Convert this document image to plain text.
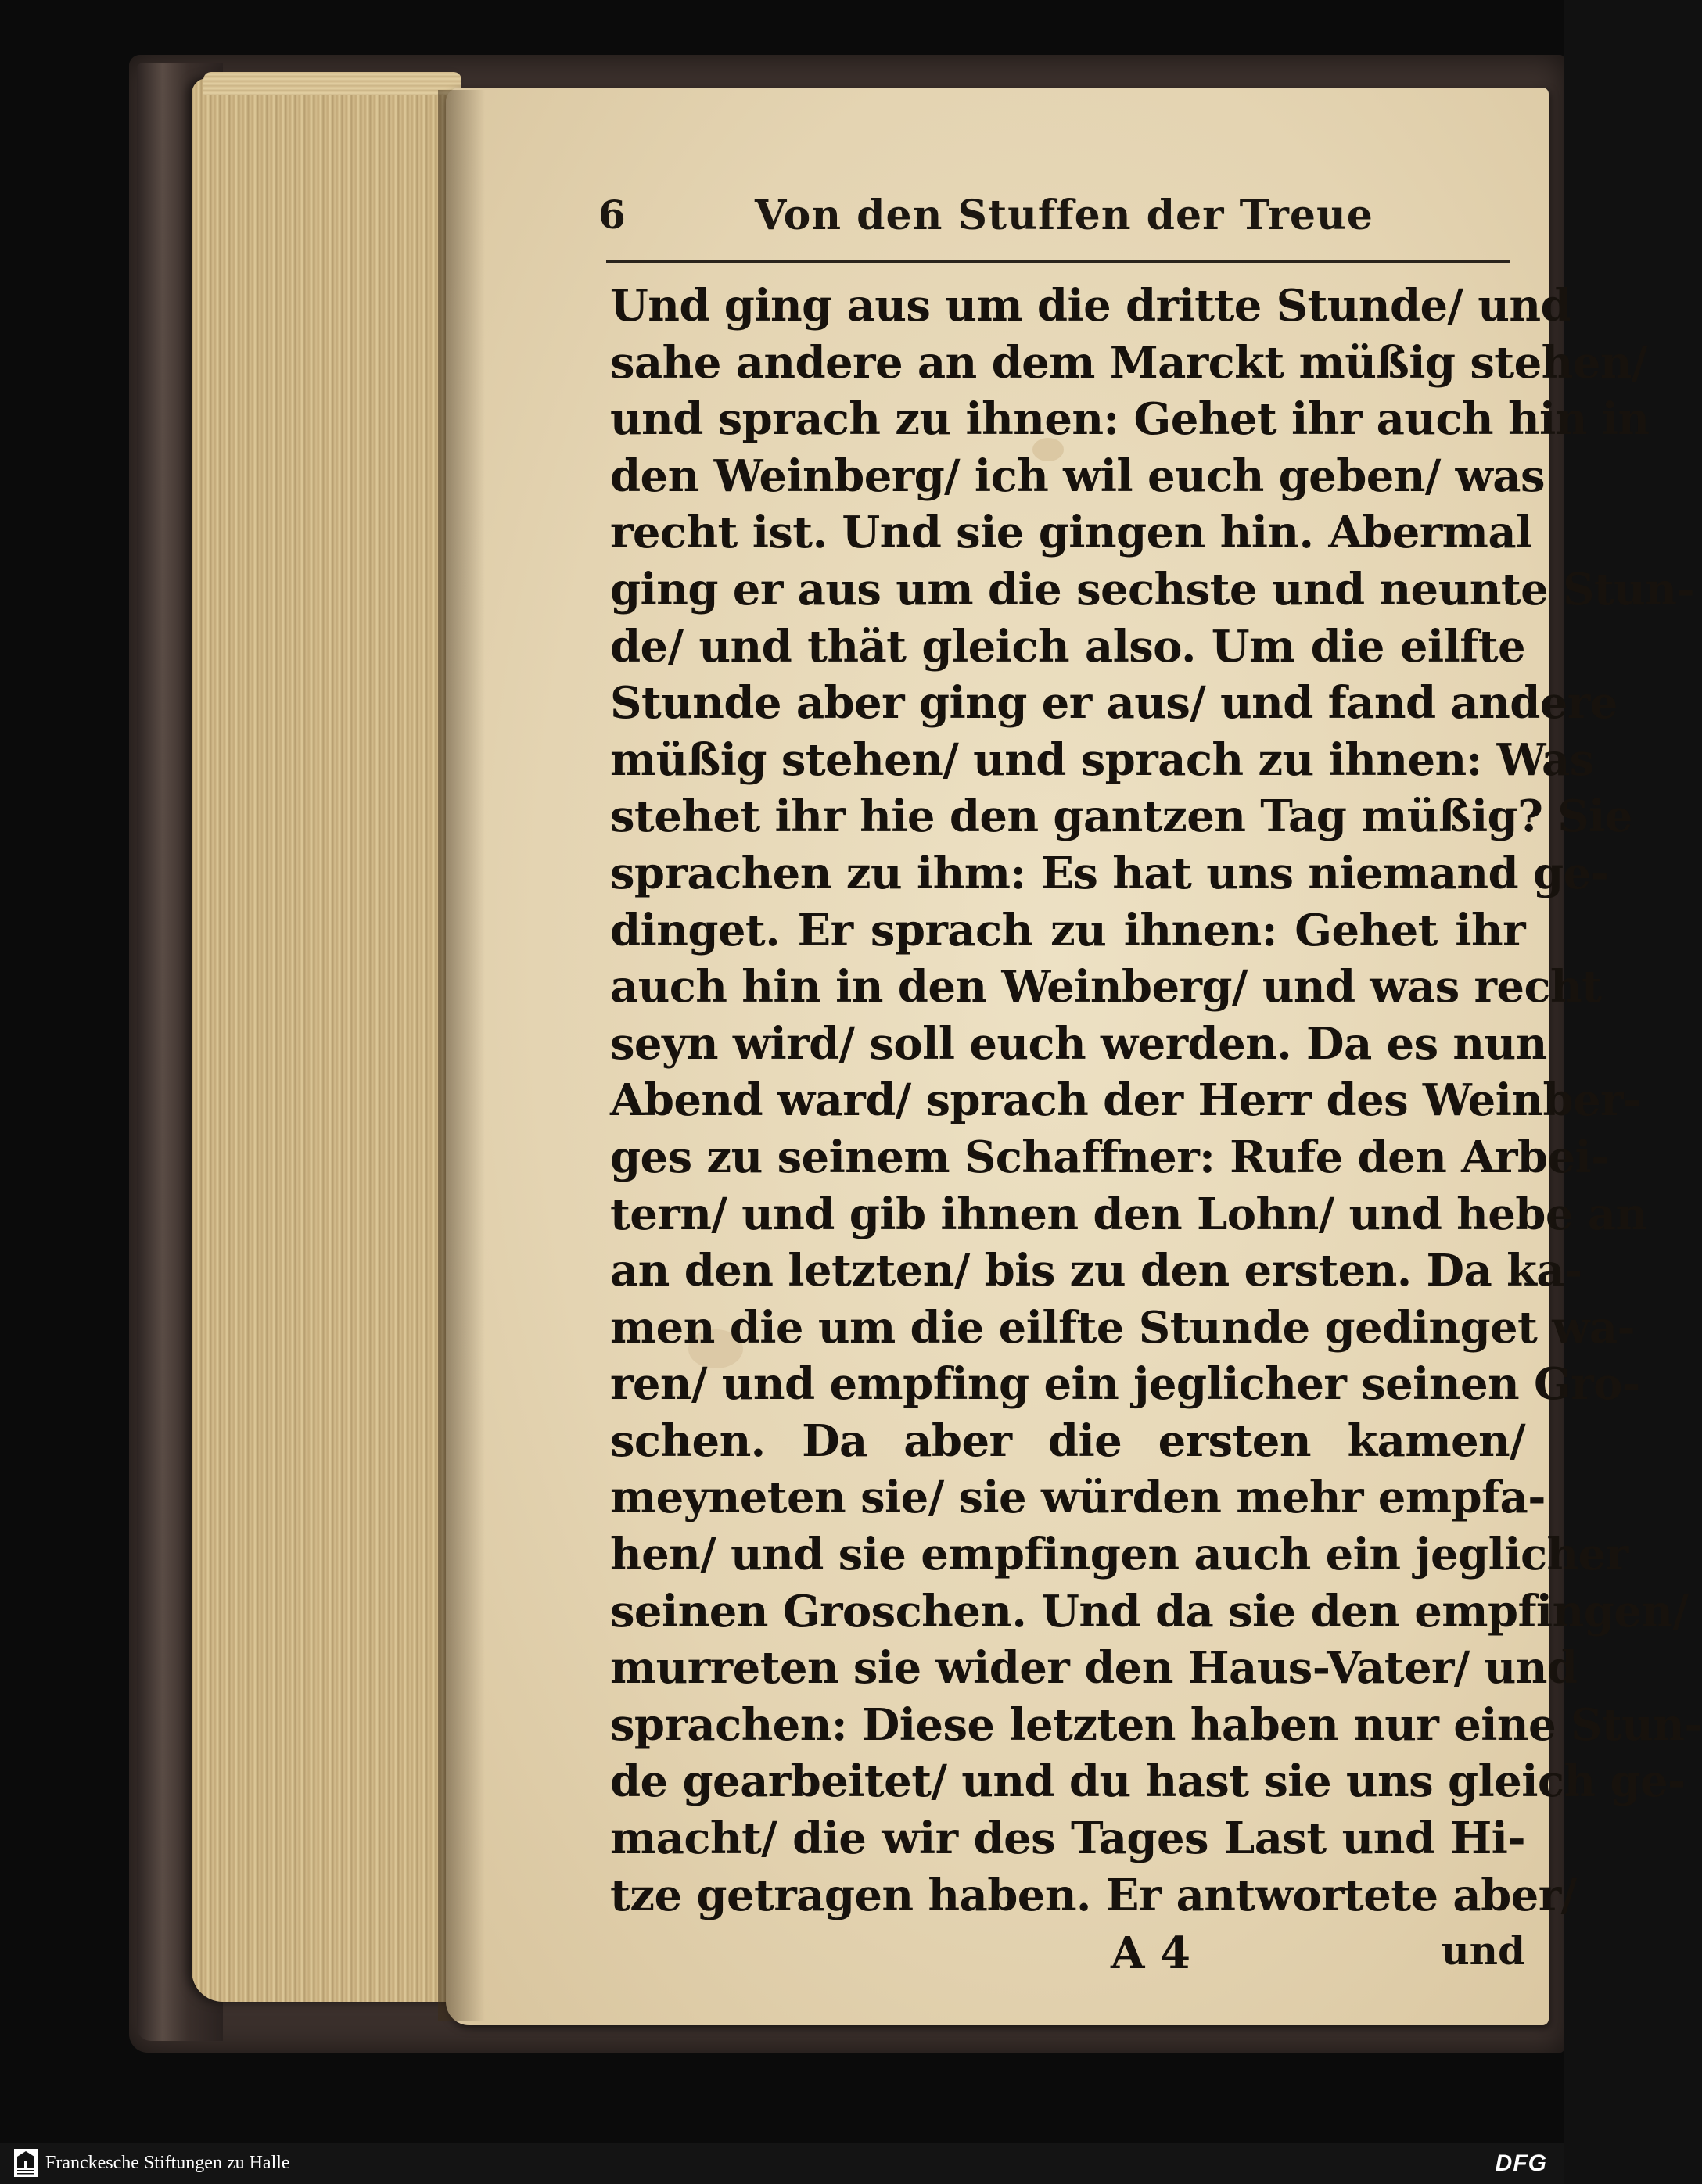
6	Von den Stuffen der Treue
Und ging aus um die dritte Stunde/ und
sahe andere an dem Marckt müßig stehen/
und sprach zu ihnen: Gehet ihr auch hin in
den Weinberg/ ich wil euch geben/ was
recht ist. Und sie gingen hin. Abermal
ging er aus um die sechste und neunte Stun-
de/ und thät gleich also. Um die eilfte
Stunde aber ging er aus/ und fand andere
müßig stehen/ und sprach zu ihnen: Was
stehet ihr hie den gantzen Tag müßig? Sie
sprachen zu ihm: Es hat uns niemand ge-
dinget. Er sprach zu ihnen: Gehet ihr
auch hin in den Weinberg/ und was recht
seyn wird/ soll euch werden. Da es nun
Abend ward/ sprach der Herr des Weinber-
ges zu seinem Schaffner: Rufe den Arbei-
tern/ und gib ihnen den Lohn/ und hebe an
an den letzten/ bis zu den ersten. Da ka-
men die um die eilfte Stunde gedinget wa-
ren/ und empfing ein jeglicher seinen Gro-
schen. Da aber die ersten kamen/
meyneten sie/ sie würden mehr empfa-
hen/ und sie empfingen auch ein jeglicher
seinen Groschen. Und da sie den empfingen/
murreten sie wider den Haus-Vater/ und
sprachen: Diese letzten haben nur eine Stun-
de gearbeitet/ und du hast sie uns gleich ge-
macht/ die wir des Tages Last und Hi-
tze getragen haben. Er antwortete aber/
A 4	und
Franckesche Stiftungen zu Halle	DFG
